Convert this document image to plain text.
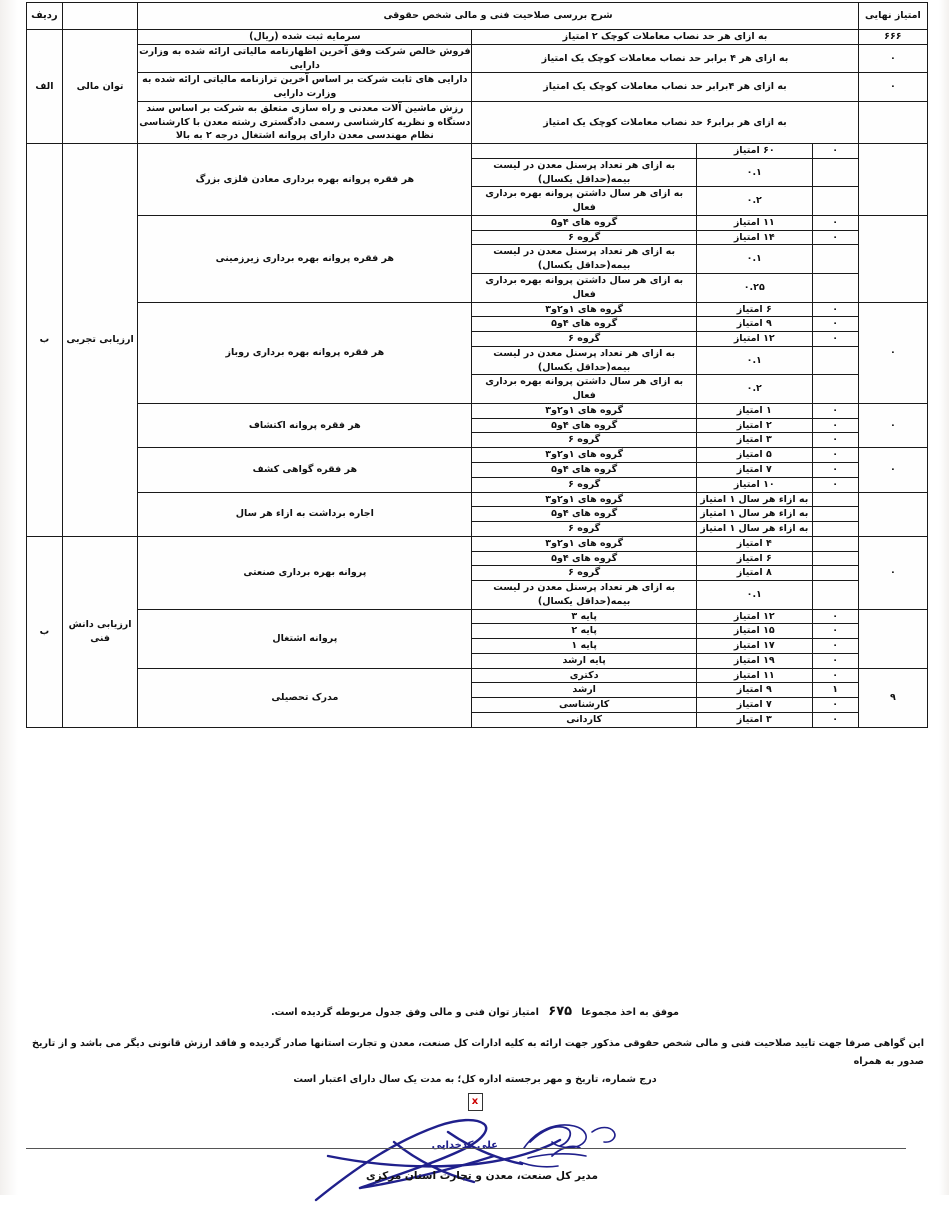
امتیاز نهایی	شرح بررسی صلاحیت فنی و مالی شخص حقوقی					ردیف
۶۶۶	به ازای هر حد نصاب معاملات کوچک ۲ امتیاز			سرمایه ثبت شده (ریال)	توان مالی	الف
۰	به ازای هر ۴ برابر حد نصاب معاملات کوچک یک امتیاز			فروش خالص شرکت وفق آخرین اظهارنامه مالیاتی ارائه شده به وزارت دارایی		
۰	به ازای هر ۴برابر حد نصاب معاملات کوچک یک امتیاز			دارایی های ثابت شرکت بر اساس آخرین ترازنامه مالیاتی ارائه شده به وزارت دارایی		
	به ازای هر برابر۶ حد نصاب معاملات کوچک یک امتیاز			رزش ماشین آلات معدنی و راه سازی متعلق به شرکت بر اساس سند دستگاه و نظریه کارشناسی رسمی دادگستری رشته معدن با کارشناسی نظام مهندسی معدن دارای پروانه اشتغال درجه ۲ به بالا		
	۰	۶۰ امتیاز		هر فقره پروانه بهره برداری معادن فلزی بزرگ	ارزیابی تجربی	ب
		۰.۱	به ازای هر تعداد پرسنل معدن در لیست بیمه(حداقل یکسال)			
		۰.۲	به ازای هر سال داشتن پروانه بهره برداری فعال			
	۰	۱۱ امتیاز	گروه های ۴و۵	هر فقره پروانه بهره برداری زیرزمینی		
	۰	۱۴ امتیاز	گروه ۶			
		۰.۱	به ازای هر تعداد پرسنل معدن در لیست بیمه(حداقل یکسال)			
		۰.۲۵	به ازای هر سال داشتن پروانه بهره برداری فعال			
۰	۰	۶ امتیاز	گروه های ۱و۲و۳	هر فقره پروانه بهره برداری روباز		
	۰	۹ امتیاز	گروه های ۴و۵			
	۰	۱۲ امتیاز	گروه ۶			
		۰.۱	به ازای هر تعداد پرسنل معدن در لیست بیمه(حداقل یکسال)			
		۰.۲	به ازای هر سال داشتن پروانه بهره برداری فعال			
۰	۰	۱ امتیاز	گروه های ۱و۲و۳	هر فقره پروانه اکتشاف		
	۰	۲ امتیاز	گروه های ۴و۵			
	۰	۳ امتیاز	گروه ۶			
۰	۰	۵ امتیاز	گروه های ۱و۲و۳	هر فقره گواهی کشف		
	۰	۷ امتیاز	گروه های ۴و۵			
	۰	۱۰ امتیاز	گروه ۶			
		به ازاء هر سال ۱ امتیاز	گروه های ۱و۲و۳	اجاره برداشت به ازاء هر سال		
		به ازاء هر سال ۱ امتیاز	گروه های ۴و۵			
		به ازاء هر سال ۱ امتیاز	گروه ۶			
۰		۴ امتیاز	گروه های ۱و۲و۳	پروانه بهره برداری صنعتی	ارزیابی دانش فنی	ب
		۶ امتیاز	گروه های ۴و۵			
		۸ امتیاز	گروه ۶			
		۰.۱	به ازای هر تعداد پرسنل معدن در لیست بیمه(حداقل یکسال)			
	۰	۱۲ امتیاز	پایه ۳	پروانه اشتغال		
	۰	۱۵ امتیاز	پایه ۲			
	۰	۱۷ امتیاز	پایه ۱			
	۰	۱۹ امتیاز	پایه ارشد			
۹	۰	۱۱ امتیاز	دکتری	مدرک تحصیلی		
	۱	۹ امتیاز	ارشد			
	۰	۷ امتیاز	کارشناسی			
	۰	۳ امتیاز	کاردانی			
موفق به اخذ مجموعا ۶۷۵ امتیاز توان فنی و مالی وفق جدول مربوطه گردیده است.
این گواهی صرفا جهت تایید صلاحیت فنی و مالی شخص حقوقی مذکور جهت ارائه به کلیه ادارات کل صنعت، معدن و تجارت استانها صادر گردیده و فاقد ارزش قانونی دیگر می باشد و از تاریخ صدور به همراه
درج شماره، تاریخ و مهر برجسته اداره کل؛ به مدت یک سال دارای اعتبار است
x
علی کدخدایی
مدیر کل صنعت، معدن و تجارت استان مرکزی
